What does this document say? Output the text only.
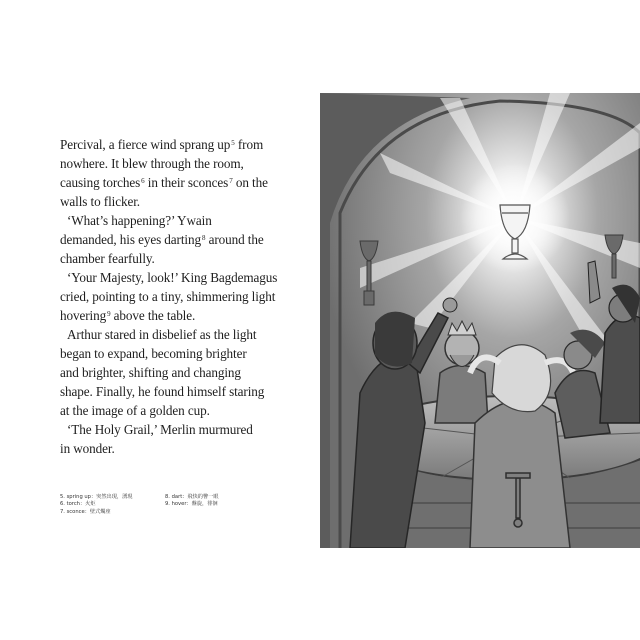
Percival, a fierce wind sprang $up^5$ from
nowhere. It blew through the room,
causing torches$^6$ in their sconces$^7$ on the
walls to flicker.

‘What’s happening?’ Ywain
demanded, his eyes darting$^8$ around the
chamber fearfully.

‘Your Majesty, look!’ King Bagdemagus
cried, pointing to a tiny, shimmering light
hovering$^9$ above the table.

Arthur stared in disbelief as the light
began to expand, becoming brighter
and brighter, shifting and changing
shape. Finally, he found himself staring
at the image of a golden cup.

‘The Holy Grail,’ Merlin murmured
in wonder.

5. spring up：突然出現，湧現
6. torch：火炬
7. sconce：壁式燭座
8. dart：飛快的瞥一眼
9. hover：盤旋，徘徊
